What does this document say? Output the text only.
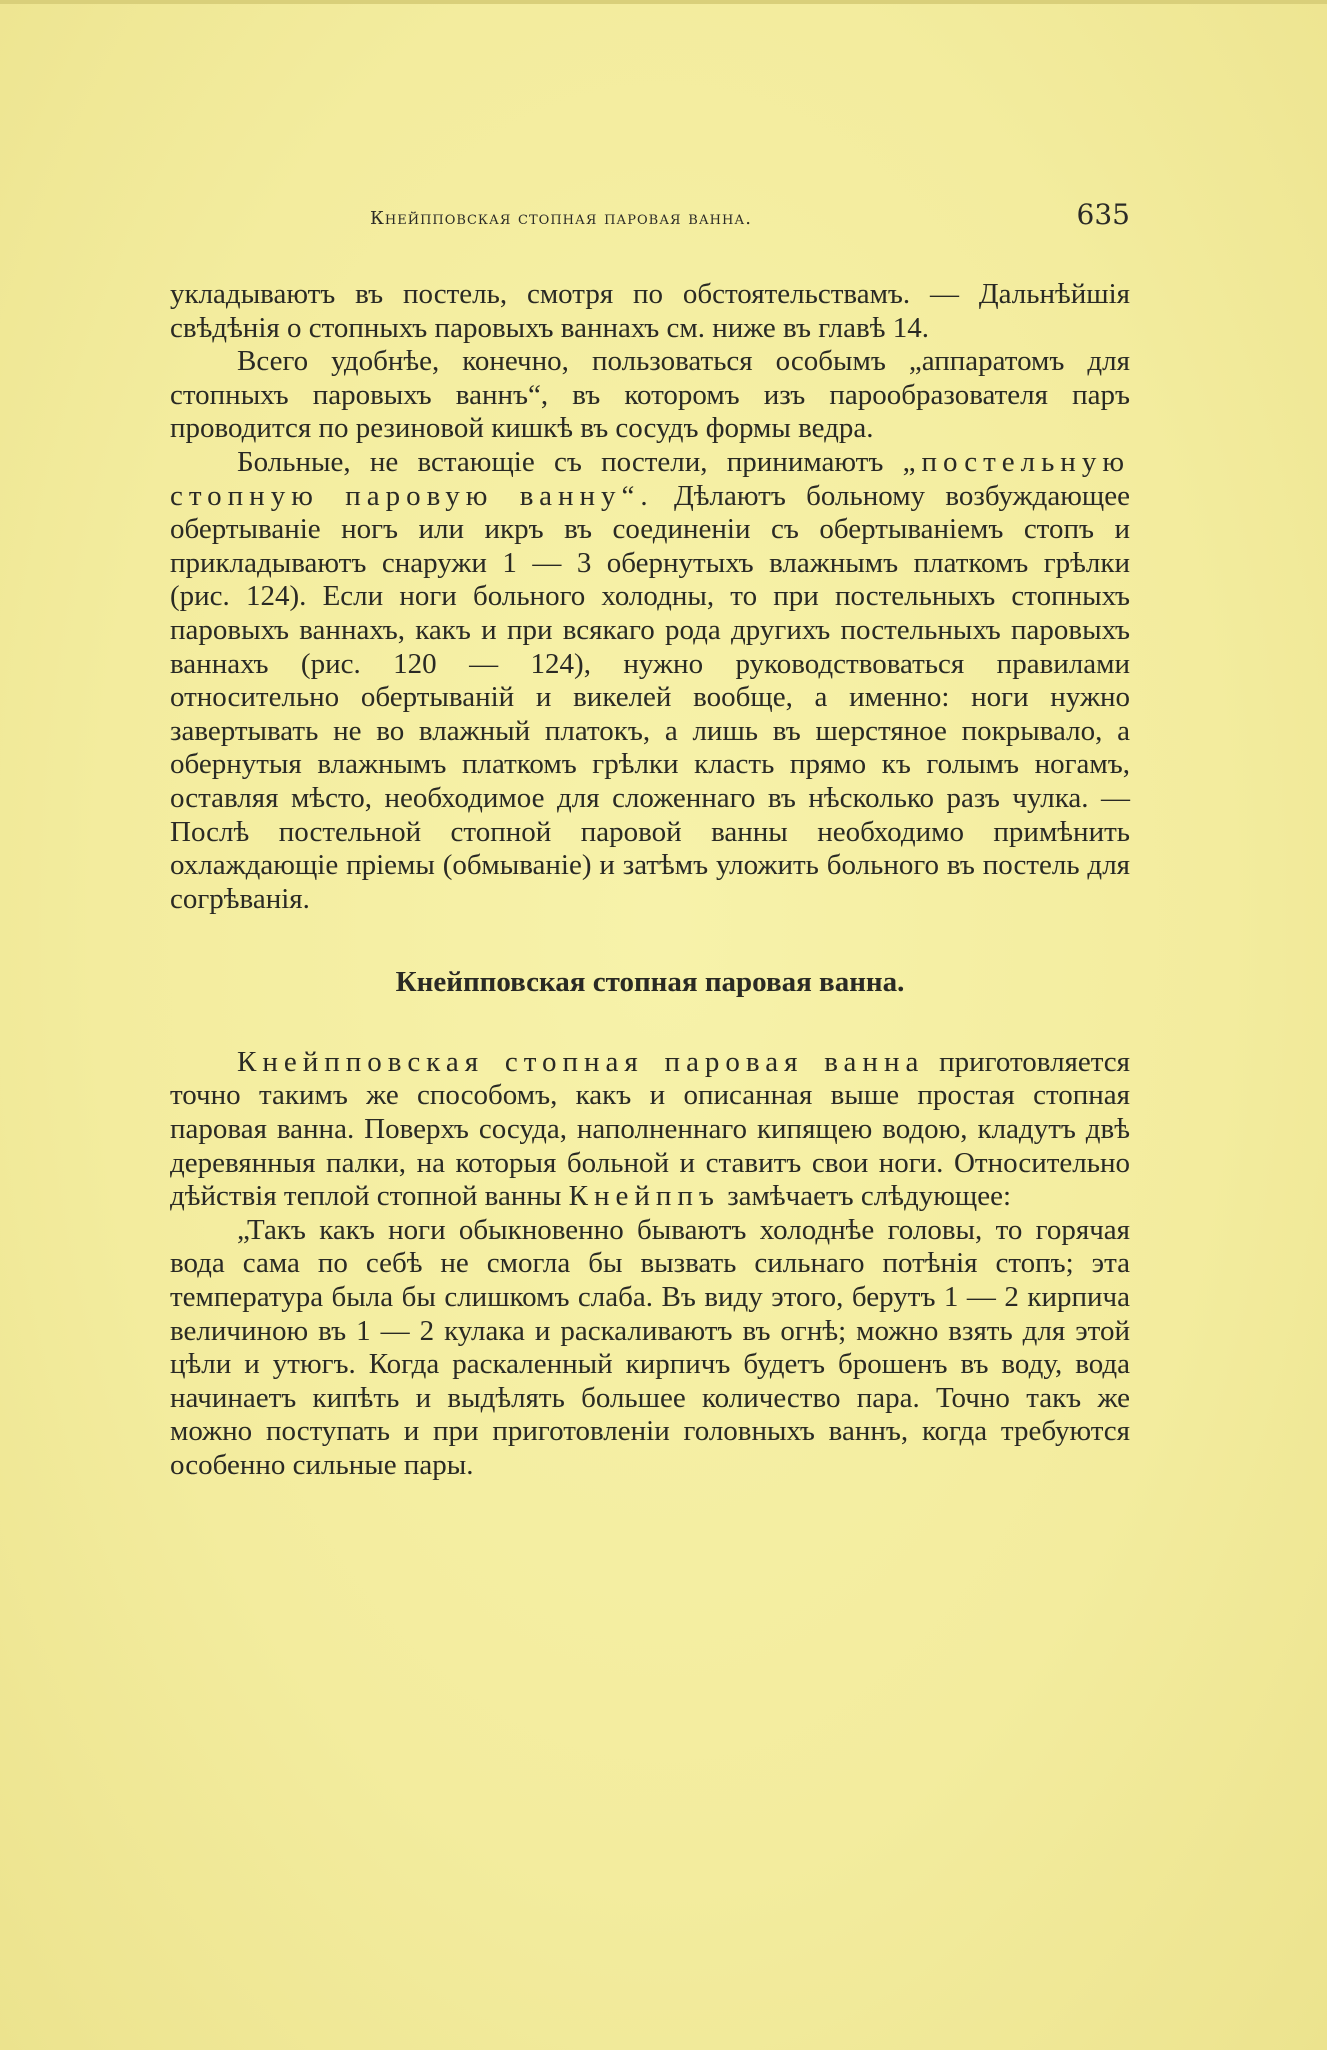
Кнейпповская стопная паровая ванна.	635

укладываютъ въ постель, смотря по обстоятельствамъ. — Дальнѣйшія свѣдѣнія о стопныхъ паровыхъ ваннахъ см. ниже въ главѣ 14.

Всего удобнѣе, конечно, пользоваться особымъ „аппаратомъ для стопныхъ паровыхъ ваннъ“, въ которомъ изъ парообразователя паръ проводится по резиновой кишкѣ въ сосудъ формы ведра.

Больные, не встающіе съ постели, принимаютъ „постельную стопную паровую ванну“. Дѣлаютъ больному возбуждающее обертываніе ногъ или икръ въ соединеніи съ обертываніемъ стопъ и прикладываютъ снаружи 1 — 3 обернутыхъ влажнымъ платкомъ грѣлки (рис. 124). Если ноги больного холодны, то при постельныхъ стопныхъ паровыхъ ваннахъ, какъ и при всякаго рода другихъ постельныхъ паровыхъ ваннахъ (рис. 120 — 124), нужно руководствоваться правилами относительно обертываній и викелей вообще, а именно: ноги нужно завертывать не во влажный платокъ, а лишь въ шерстяное покрывало, а обернутыя влажнымъ платкомъ грѣлки класть прямо къ голымъ ногамъ, оставляя мѣсто, необходимое для сложеннаго въ нѣсколько разъ чулка. — Послѣ постельной стопной паровой ванны необходимо примѣнить охлаждающіе пріемы (обмываніе) и затѣмъ уложить больного въ постель для согрѣванія.

Кнейпповская стопная паровая ванна.

Кнейпповская стопная паровая ванна приготовляется точно такимъ же способомъ, какъ и описанная выше простая стопная паровая ванна. Поверхъ сосуда, наполненнаго кипящею водою, кладутъ двѣ деревянныя палки, на которыя больной и ставитъ свои ноги. Относительно дѣйствія теплой стопной ванны Кнейппъ замѣчаетъ слѣдующее:

„Такъ какъ ноги обыкновенно бываютъ холоднѣе головы, то горячая вода сама по себѣ не смогла бы вызвать сильнаго потѣнія стопъ; эта температура была бы слишкомъ слаба. Въ виду этого, берутъ 1 — 2 кирпича величиною въ 1 — 2 кулака и раскаливаютъ въ огнѣ; можно взять для этой цѣли и утюгъ. Когда раскаленный кирпичъ будетъ брошенъ въ воду, вода начинаетъ кипѣть и выдѣлять большее количество пара. Точно такъ же можно поступать и при приготовленіи головныхъ ваннъ, когда требуются особенно сильные пары.
